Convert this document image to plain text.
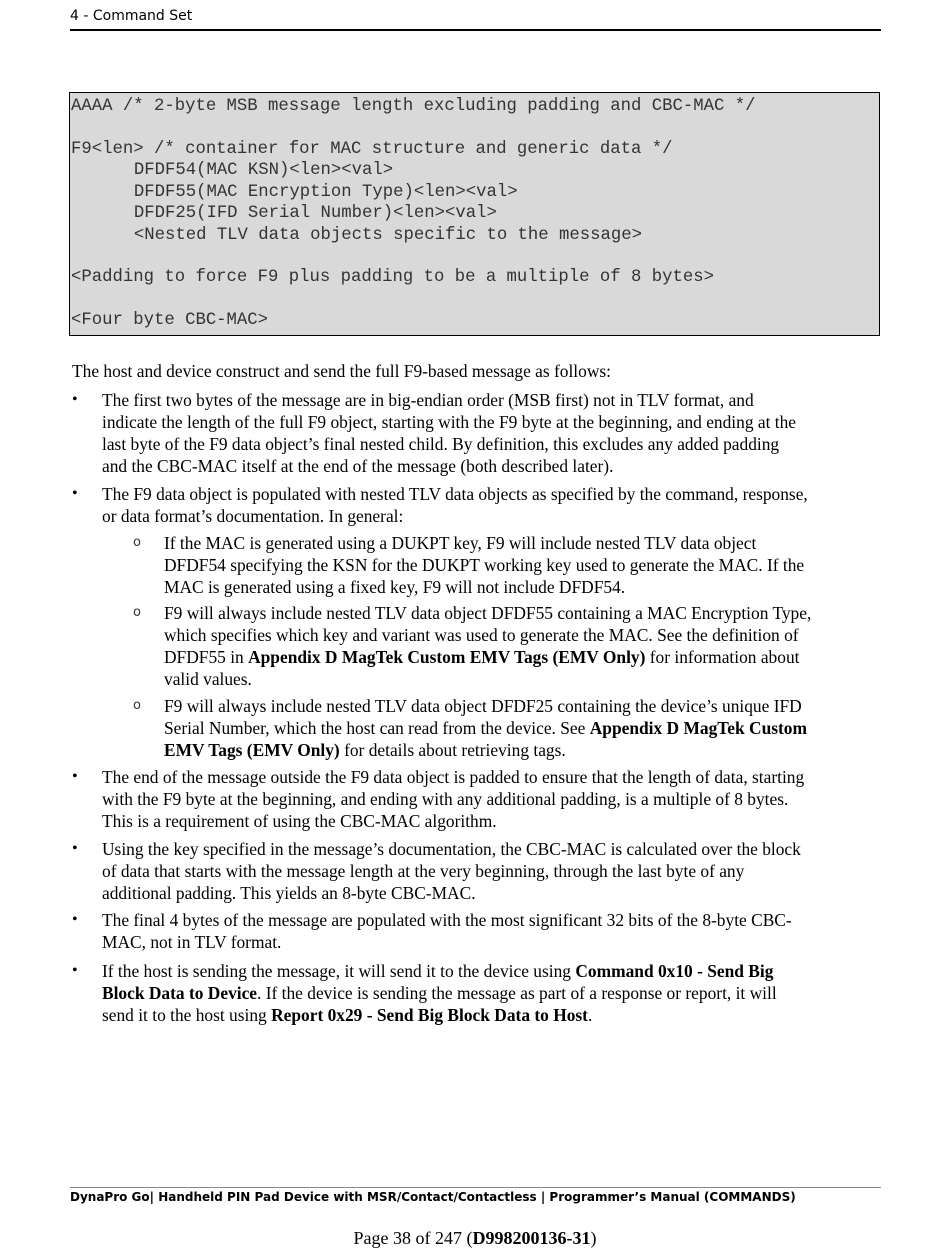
4 - Command Set
AAAA /* 2-byte MSB message length excluding padding and CBC-MAC */
F9<len> /* container for MAC structure and generic data */
DFDF54(MAC KSN)<len><val>
DFDF55(MAC Encryption Type)<len><val>
DFDF25(IFD Serial Number)<len><val>
<Nested TLV data objects specific to the message>
<Padding to force F9 plus padding to be a multiple of 8 bytes>
<Four byte CBC-MAC>
The host and device construct and send the full F9-based message as follows:
• The first two bytes of the message are in big-endian order (MSB first) not in TLV format, and
indicate the length of the full F9 object, starting with the F9 byte at the beginning, and ending at the
last byte of the F9 data object’s final nested child. By definition, this excludes any added padding
and the CBC-MAC itself at the end of the message (both described later).
• The F9 data object is populated with nested TLV data objects as specified by the command, response,
or data format’s documentation. In general:
o If the MAC is generated using a DUKPT key, F9 will include nested TLV data object
DFDF54 specifying the KSN for the DUKPT working key used to generate the MAC. If the
MAC is generated using a fixed key, F9 will not include DFDF54.
o F9 will always include nested TLV data object DFDF55 containing a MAC Encryption Type,
which specifies which key and variant was used to generate the MAC. See the definition of
DFDF55 in Appendix D MagTek Custom EMV Tags (EMV Only) for information about
valid values.
o F9 will always include nested TLV data object DFDF25 containing the device’s unique IFD
Serial Number, which the host can read from the device. See Appendix D MagTek Custom
EMV Tags (EMV Only) for details about retrieving tags.
• The end of the message outside the F9 data object is padded to ensure that the length of data, starting
with the F9 byte at the beginning, and ending with any additional padding, is a multiple of 8 bytes.
This is a requirement of using the CBC-MAC algorithm.
• Using the key specified in the message’s documentation, the CBC-MAC is calculated over the block
of data that starts with the message length at the very beginning, through the last byte of any
additional padding. This yields an 8-byte CBC-MAC.
• The final 4 bytes of the message are populated with the most significant 32 bits of the 8-byte CBC-
MAC, not in TLV format.
• If the host is sending the message, it will send it to the device using Command 0x10 - Send Big
Block Data to Device. If the device is sending the message as part of a response or report, it will
send it to the host using Report 0x29 - Send Big Block Data to Host.
DynaPro Go| Handheld PIN Pad Device with MSR/Contact/Contactless | Programmer’s Manual (COMMANDS)
Page 38 of 247 (D998200136-31)
